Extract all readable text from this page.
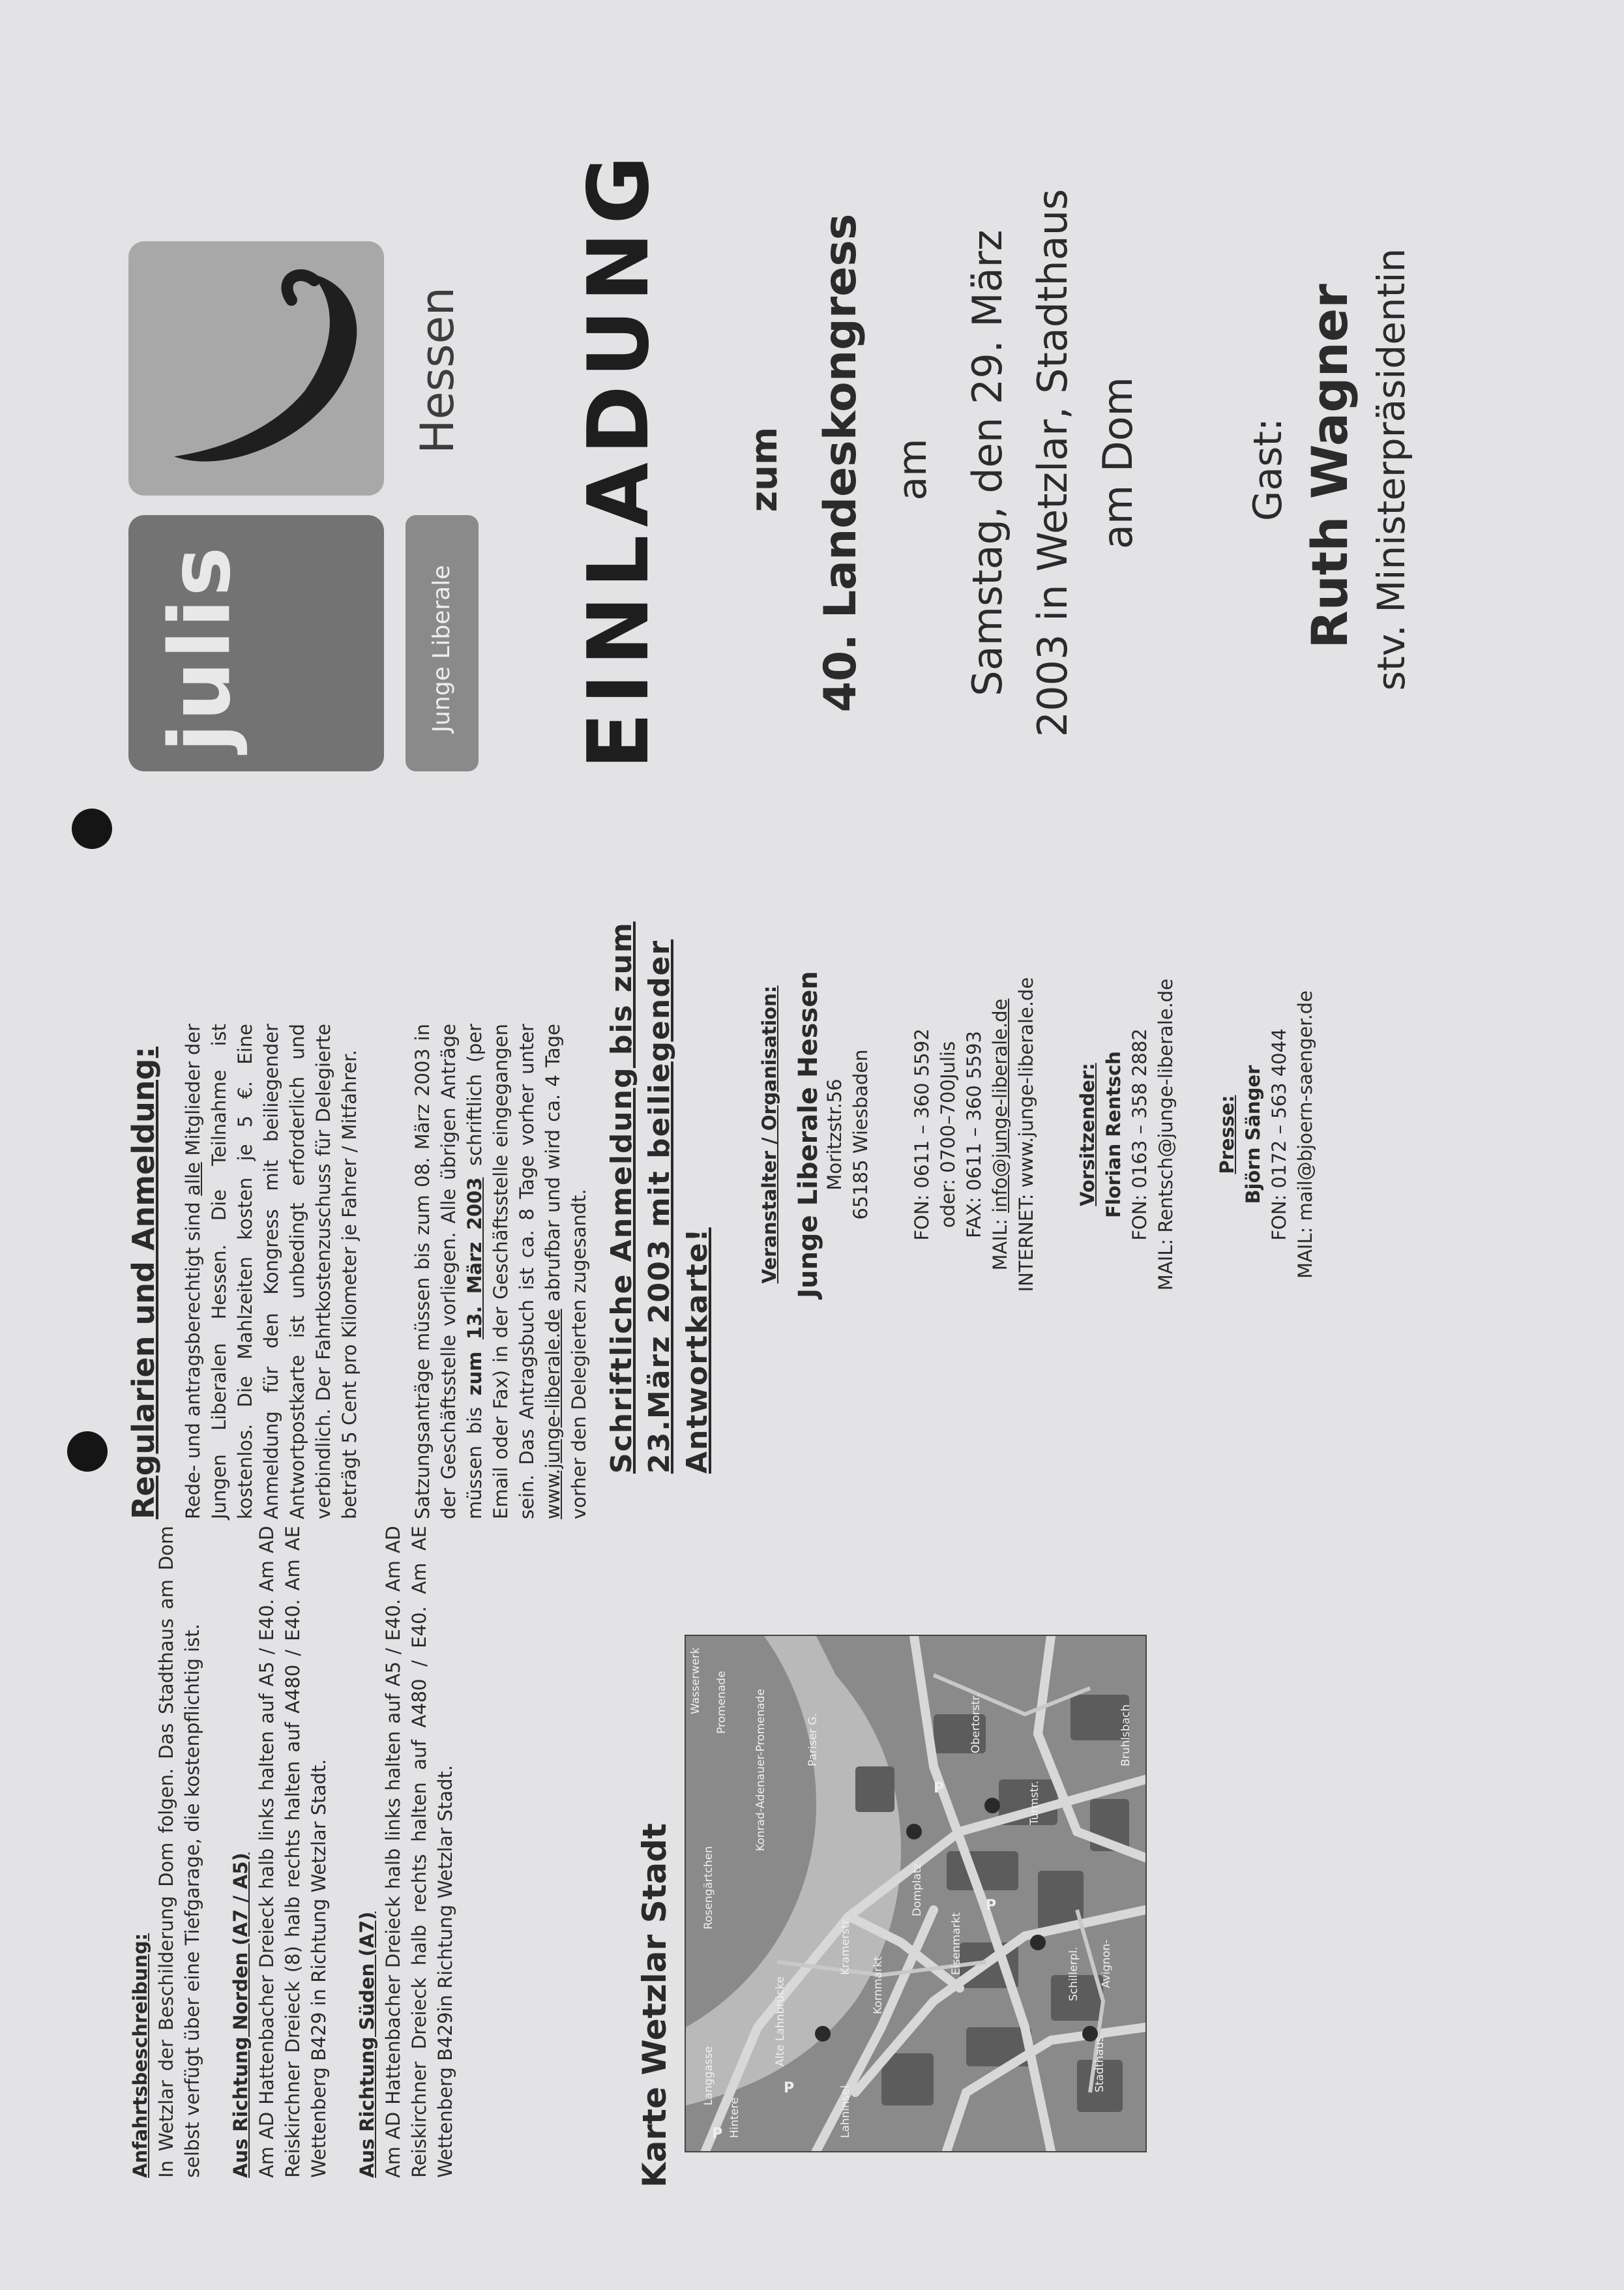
Anfahrtsbeschreibung: In Wetzlar der Beschilderung Dom folgen. Das Stadthaus am Dom selbst verfügt über eine Tiefgarage, die kostenpflichtig ist. Aus Richtung Norden (A7 / A5) Am AD Hattenbacher Dreieck halb links halten auf A5 / E40. Am AD Reiskirchner Dreieck (8) halb rechts halten auf A480 / E40. Am AE Wettenberg B429 in Richtung Wetzlar Stadt. Aus Richtung Süden (A7) Am AD Hattenbacher Dreieck halb links halten auf A5 / E40. Am AD Reiskirchner Dreieck halb rechts halten auf A480 / E40. Am AE Wettenberg B429in Richtung Wetzlar Stadt.	Karte Wetzlar Stadt	P
P
P
P
Alte Lahnbrücke	Kornmarkt
Domplatz
Eisenmarkt
Kramerstr.
Promenade Konrad-Adenauer-Promenade	Turmstr.
Bruhlsbach
Schillerpl. Avignon-
Obertorstr.
Langgasse
Hintere	Lahninsel
Rosengärtchen
Wasserwerk
Pariser G.
Stadthaus
Regularien und Anmeldung: Rede- und antragsberechtigt sind alle Mitglieder der Jungen Liberalen Hessen. Die Teilnahme ist kostenlos. Die Mahlzeiten kosten je 5 €. Eine Anmeldung für den Kongress mit beiliegender Antwortpostkarte ist unbedingt erforderlich und verbindlich. Der Fahrtkostenzuschuss für Delegierte beträgt 5 Cent pro Kilometer je Fahrer / Mitfahrer.	Satzungsanträge müssen bis zum 08. März 2003 in der Geschäftsstelle vorliegen. Alle übrigen Anträge müssen bis zum 13. März 2003 schriftlich (per Email oder Fax) in der Geschäftsstelle eingegangen sein. Das Antragsbuch ist ca. 8 Tage vorher unter www.junge-liberale.de abrufbar und wird ca. 4 Tage vorher den Delegierten zugesandt. Schriftliche Anmeldung bis zum 23.März 2003 mit beiliegender Antwortkarte!
Veranstalter / Organisation: Junge Liberale Hessen Moritzstr.56 65185 Wiesbaden FON: 0611 – 360 5592 oder: 0700–700Julis FAX: 0611 – 360 5593
MAIL: info@junge-liberale.de INTERNET: www.junge-liberale.de Vorsitzender: Florian Rentsch FON: 0163 – 358 2882 MAIL: Rentsch@junge-liberale.de Presse: Björn Sänger FON: 0172 – 563 4044 MAIL: mail@bjoern-saenger.de
julis	Junge Liberale
Hessen EINLADUNG zum 40. Landeskongress am Samstag, den 29. März 2003 in Wetzlar, Stadthaus am Dom	Gast: Ruth Wagner stv. Ministerpräsidentin
